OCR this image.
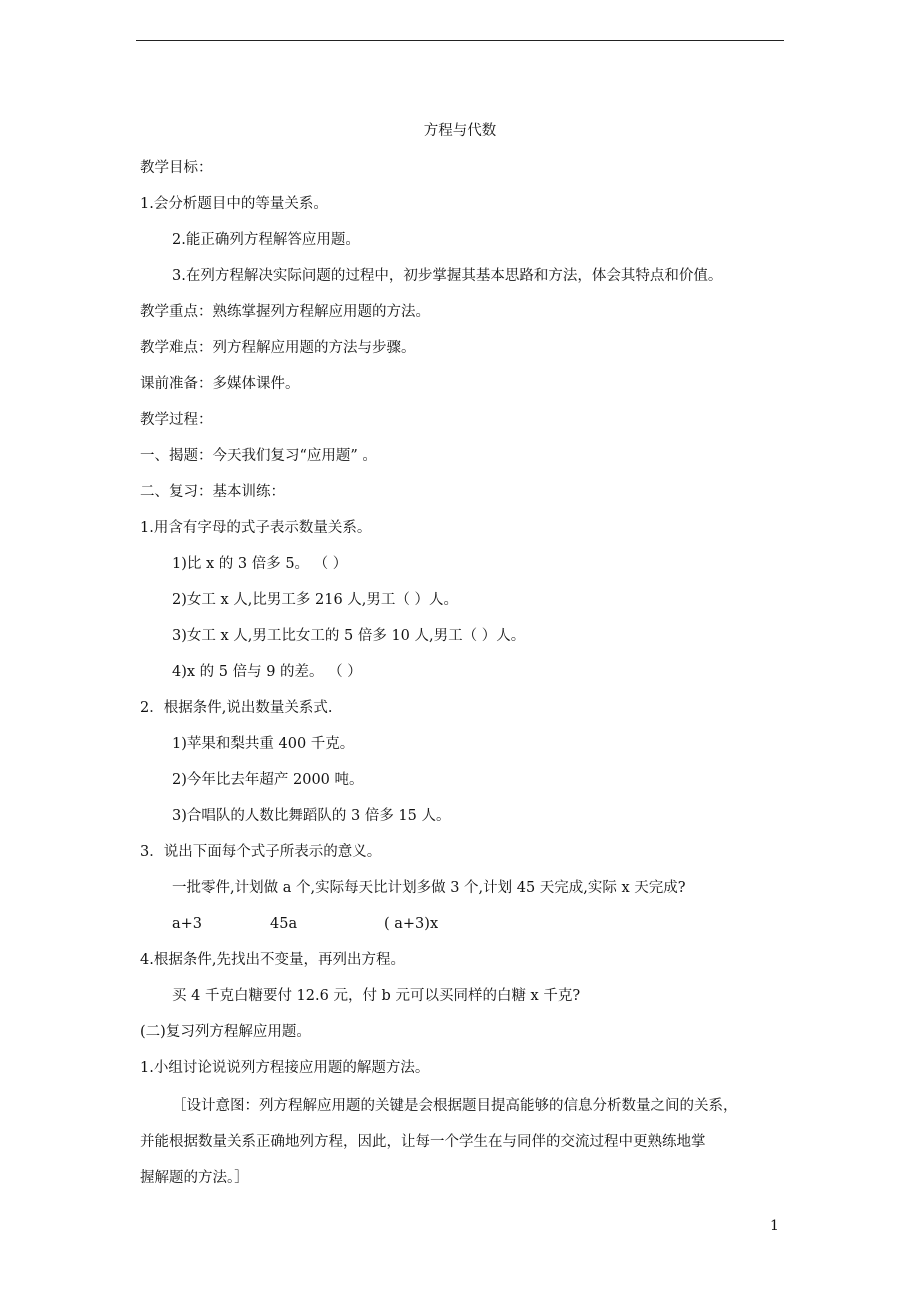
方程与代数
教学目标：
1.会分析题目中的等量关系。
2.能正确列方程解答应用题。
3.在列方程解决实际问题的过程中，初步掌握其基本思路和方法，体会其特点和价值。
教学重点：熟练掌握列方程解应用题的方法。
教学难点：列方程解应用题的方法与步骤。
课前准备：多媒体课件。
教学过程：
一、揭题：今天我们复习“应用题” 。
二、复习：基本训练：
1.用含有字母的式子表示数量关系。
1)比 x 的 3 倍多 5。 （ ）
2)女工 x 人,比男工多 216 人,男工（ ）人。
3)女工 x 人,男工比女工的 5 倍多 10 人,男工（ ）人。
4)x 的 5 倍与 9 的差。 （ ）
2．根据条件,说出数量关系式.
1)苹果和梨共重 400 千克。
2)今年比去年超产 2000 吨。
3)合唱队的人数比舞蹈队的 3 倍多 15 人。
3．说出下面每个式子所表示的意义。
一批零件,计划做 a 个,实际每天比计划多做 3 个,计划 45 天完成,实际 x 天完成?
a+3	45a	( a+3)x
4.根据条件,先找出不变量，再列出方程。
买 4 千克白糖要付 12.6 元，付 b 元可以买同样的白糖 x 千克?
(二)复习列方程解应用题。
1.小组讨论说说列方程接应用题的解题方法。
［设计意图：列方程解应用题的关键是会根据题目提高能够的信息分析数量之间的关系，
并能根据数量关系正确地列方程，因此，让每一个学生在与同伴的交流过程中更熟练地掌
握解题的方法。］
1
